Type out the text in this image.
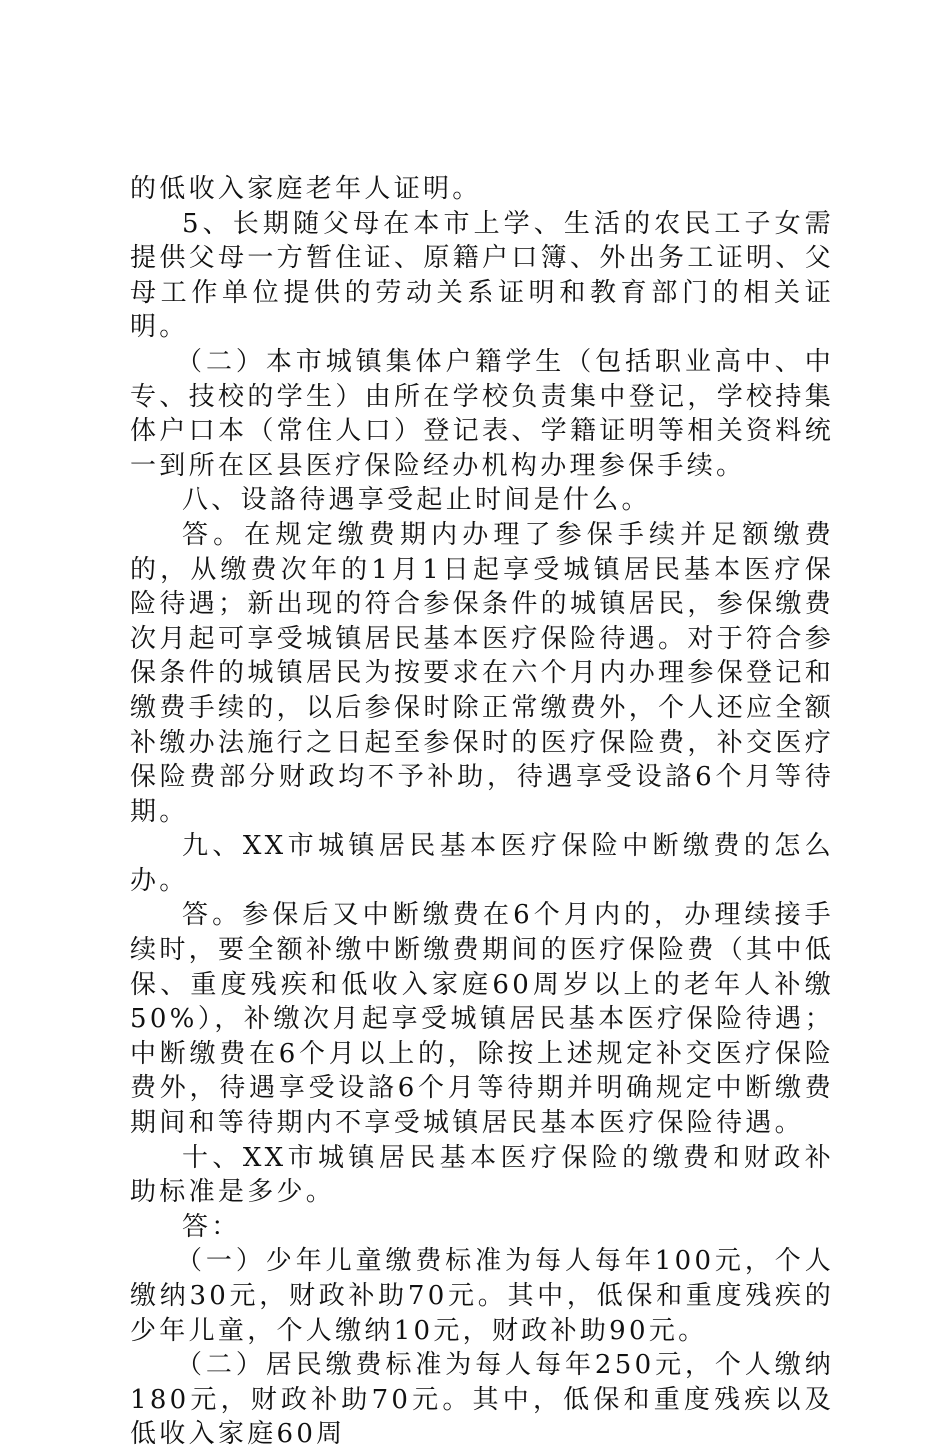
的低收入家庭老年人证明。

5、长期随父母在本市上学、生活的农民工子女需提供父母一方暂住证、原籍户口簿、外出务工证明、父母工作单位提供的劳动关系证明和教育部门的相关证明。

（二）本市城镇集体户籍学生（包括职业高中、中专、技校的学生）由所在学校负责集中登记，学校持集体户口本（常住人口）登记表、学籍证明等相关资料统一到所在区县医疗保险经办机构办理参保手续。

八、设詻待遇享受起止时间是什么。

答。在规定缴费期内办理了参保手续并足额缴费的，从缴费次年的1月1日起享受城镇居民基本医疗保险待遇；新出现的符合参保条件的城镇居民，参保缴费次月起可享受城镇居民基本医疗保险待遇。对于符合参保条件的城镇居民为按要求在六个月内办理参保登记和缴费手续的，以后参保时除正常缴费外，个人还应全额补缴办法施行之日起至参保时的医疗保险费，补交医疗保险费部分财政均不予补助，待遇享受设詻6个月等待期。

九、XX市城镇居民基本医疗保险中断缴费的怎么办。

答。参保后又中断缴费在6个月内的，办理续接手续时，要全额补缴中断缴费期间的医疗保险费（其中低保、重度残疾和低收入家庭60周岁以上的老年人补缴50%），补缴次月起享受城镇居民基本医疗保险待遇；中断缴费在6个月以上的，除按上述规定补交医疗保险费外，待遇享受设詻6个月等待期并明确规定中断缴费期间和等待期内不享受城镇居民基本医疗保险待遇。

十、XX市城镇居民基本医疗保险的缴费和财政补助标准是多少。

答：

（一）少年儿童缴费标准为每人每年100元，个人缴纳30元，财政补助70元。其中，低保和重度残疾的少年儿童，个人缴纳10元，财政补助90元。

（二）居民缴费标准为每人每年250元，个人缴纳180元，财政补助70元。其中，低保和重度残疾以及低收入家庭60周
